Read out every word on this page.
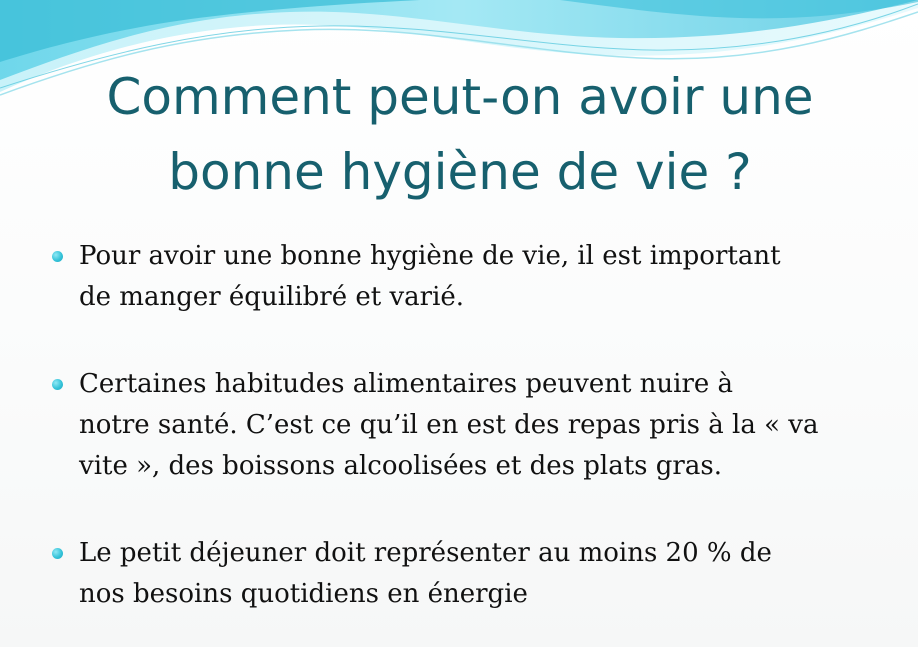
Comment peut-on avoir une
bonne hygiène de vie ?
Pour avoir une bonne hygiène de vie, il est important
de manger équilibré et varié.
Certaines habitudes alimentaires peuvent nuire à
notre santé. C’est ce qu’il en est des repas pris à la « va
vite », des boissons alcoolisées et des plats gras.
Le petit déjeuner doit représenter au moins 20 % de
nos besoins quotidiens en énergie
